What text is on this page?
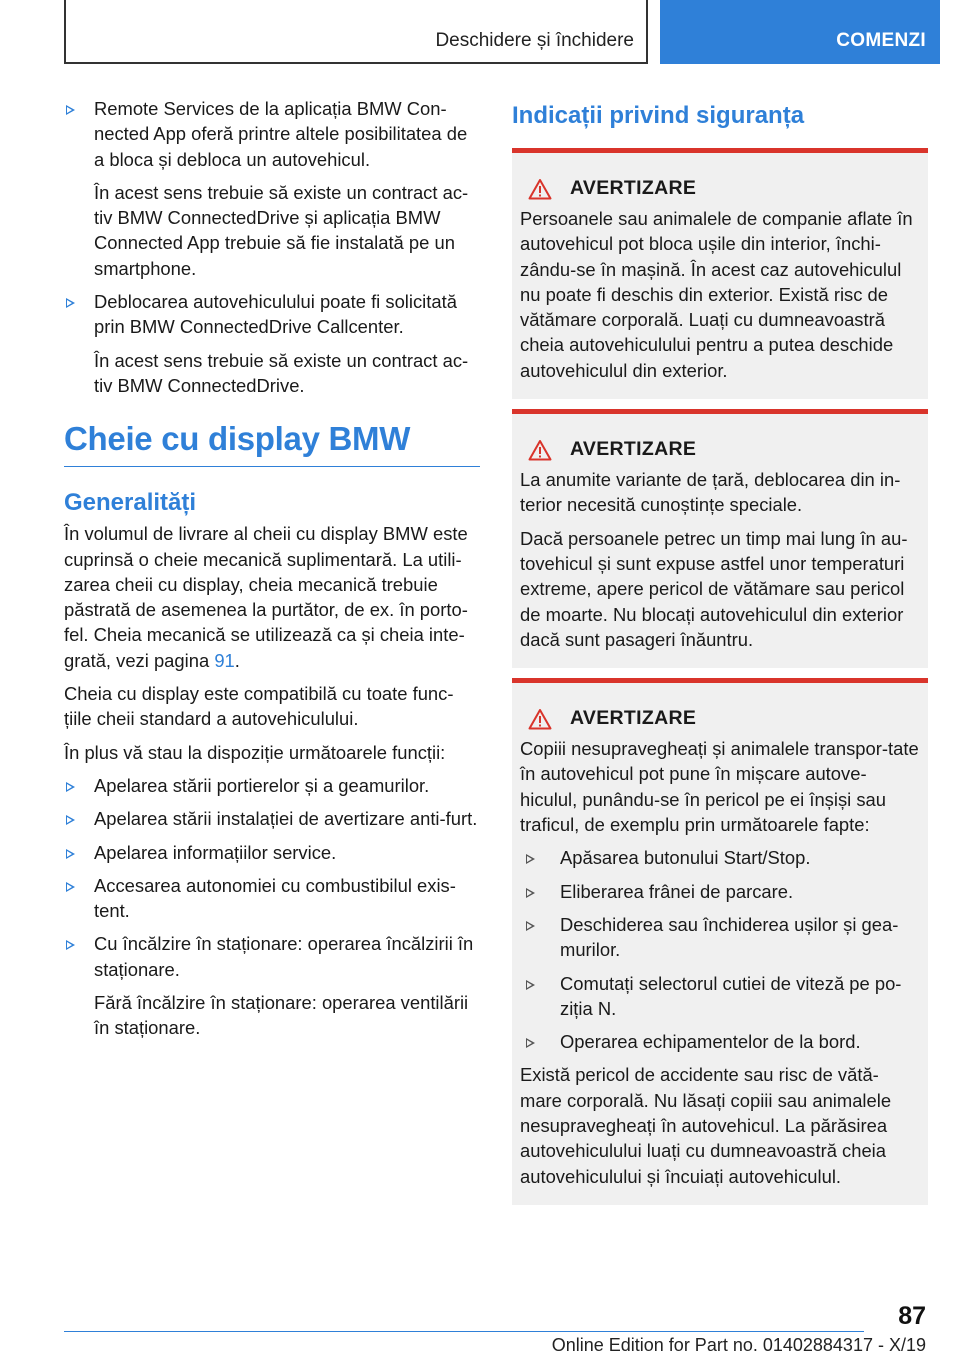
Deschidere și închidere	COMENZI

Remote Services de la aplicația BMW Con-nected App oferă printre altele posibilitatea de a bloca și debloca un autovehicul.

În acest sens trebuie să existe un contract ac-tiv BMW ConnectedDrive și aplicația BMW Connected App trebuie să fie instalată pe un smartphone.

Deblocarea autovehiculului poate fi solicitată prin BMW ConnectedDrive Callcenter.

În acest sens trebuie să existe un contract ac-tiv BMW ConnectedDrive.

Cheie cu display BMW
Generalități

În volumul de livrare al cheii cu display BMW este cuprinsă o cheie mecanică suplimentară. La utili-zarea cheii cu display, cheia mecanică trebuie păstrată de asemenea la purtător, de ex. în porto-fel. Cheia mecanică se utilizează ca și cheia inte-grată, vezi pagina 91.

Cheia cu display este compatibilă cu toate func-țiile cheii standard a autovehiculului.

În plus vă stau la dispoziție următoarele funcții:

Apelarea stării portierelor și a geamurilor.

Apelarea stării instalației de avertizare anti-furt.

Apelarea informațiilor service.

Accesarea autonomiei cu combustibilul exis-tent.

Cu încălzire în staționare: operarea încălzirii în staționare.

Fără încălzire în staționare: operarea ventilării în staționare.

Indicații privind siguranța
AVERTIZARE

Persoanele sau animalele de companie aflate în autovehicul pot bloca ușile din interior, închi-zându-se în mașină. În acest caz autovehiculul nu poate fi deschis din exterior. Există risc de vătămare corporală. Luați cu dumneavoastră cheia autovehiculului pentru a putea deschide autovehiculul din exterior.

AVERTIZARE

La anumite variante de țară, deblocarea din in-terior necesită cunoștințe speciale.

Dacă persoanele petrec un timp mai lung în au-tovehicul și sunt expuse astfel unor temperaturi extreme, apere pericol de vătămare sau pericol de moarte. Nu blocați autovehiculul din exterior dacă sunt pasageri înăuntru.

AVERTIZARE

Copiii nesupravegheați și animalele transpor-tate în autovehicul pot pune în mișcare autove-hiculul, punându-se în pericol pe ei înșiși sau traficul, de exemplu prin următoarele fapte:

Apăsarea butonului Start/Stop.

Eliberarea frânei de parcare.

Deschiderea sau închiderea ușilor și gea-murilor.

Comutați selectorul cutiei de viteză pe po-ziția N.

Operarea echipamentelor de la bord.

Există pericol de accidente sau risc de vătă-mare corporală. Nu lăsați copiii sau animalele nesupravegheați în autovehicul. La părăsirea autovehiculului luați cu dumneavoastră cheia autovehiculului și încuiați autovehiculul.

87
Online Edition for Part no. 01402884317 - X/19
